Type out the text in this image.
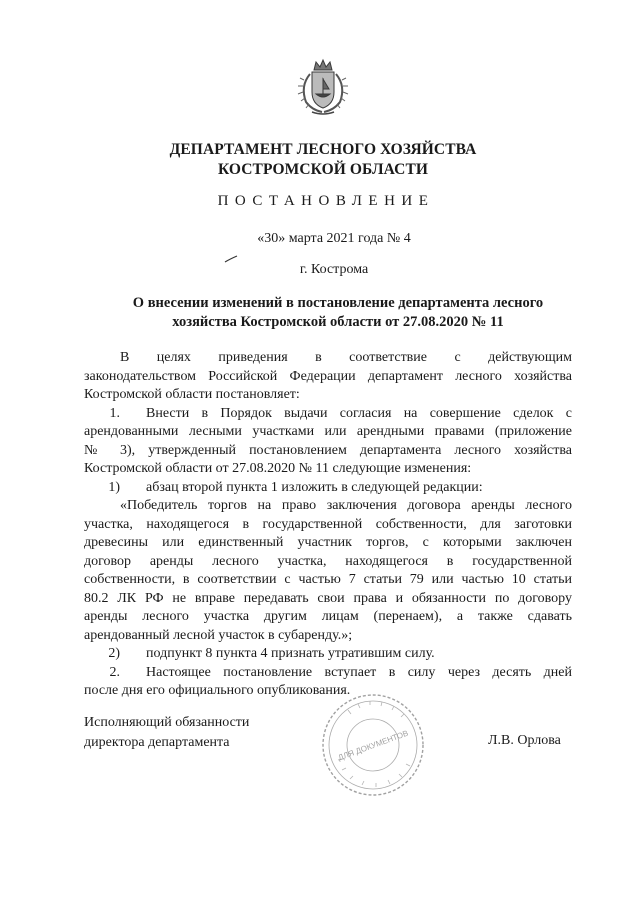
ДЕПАРТАМЕНТ ЛЕСНОГО ХОЗЯЙСТВА
КОСТРОМСКОЙ ОБЛАСТИ
ПОСТАНОВЛЕНИЕ
«30» марта 2021 года № 4
г. Кострома
О внесении изменений в постановление департамента лесного
хозяйства Костромской области от 27.08.2020 № 11
В целях приведения в соответствие с действующим
законодательством Российской Федерации департамент лесного хозяйства
Костромской области постановляет:
1. Внести в Порядок выдачи согласия на совершение сделок с
арендованными лесными участками или арендными правами (приложение
№ 3), утвержденный постановлением департамента лесного хозяйства
Костромской области от 27.08.2020 № 11 следующие изменения:
1) абзац второй пункта 1 изложить в следующей редакции:
«Победитель торгов на право заключения договора аренды лесного
участка, находящегося в государственной собственности, для заготовки
древесины или единственный участник торгов, с которыми заключен
договор аренды лесного участка, находящегося в государственной
собственности, в соответствии с частью 7 статьи 79 или частью 10 статьи
80.2 ЛК РФ не вправе передавать свои права и обязанности по договору
аренды лесного участка другим лицам (перенаем), а также сдавать
арендованный лесной участок в субаренду.»;
2) подпункт 8 пункта 4 признать утратившим силу.
2. Настоящее постановление вступает в силу через десять дней
после дня его официального опубликования.
Исполняющий обязанности
директора департамента	ДЛЯ ДОКУМЕНТОВ	Л.В. Орлова
